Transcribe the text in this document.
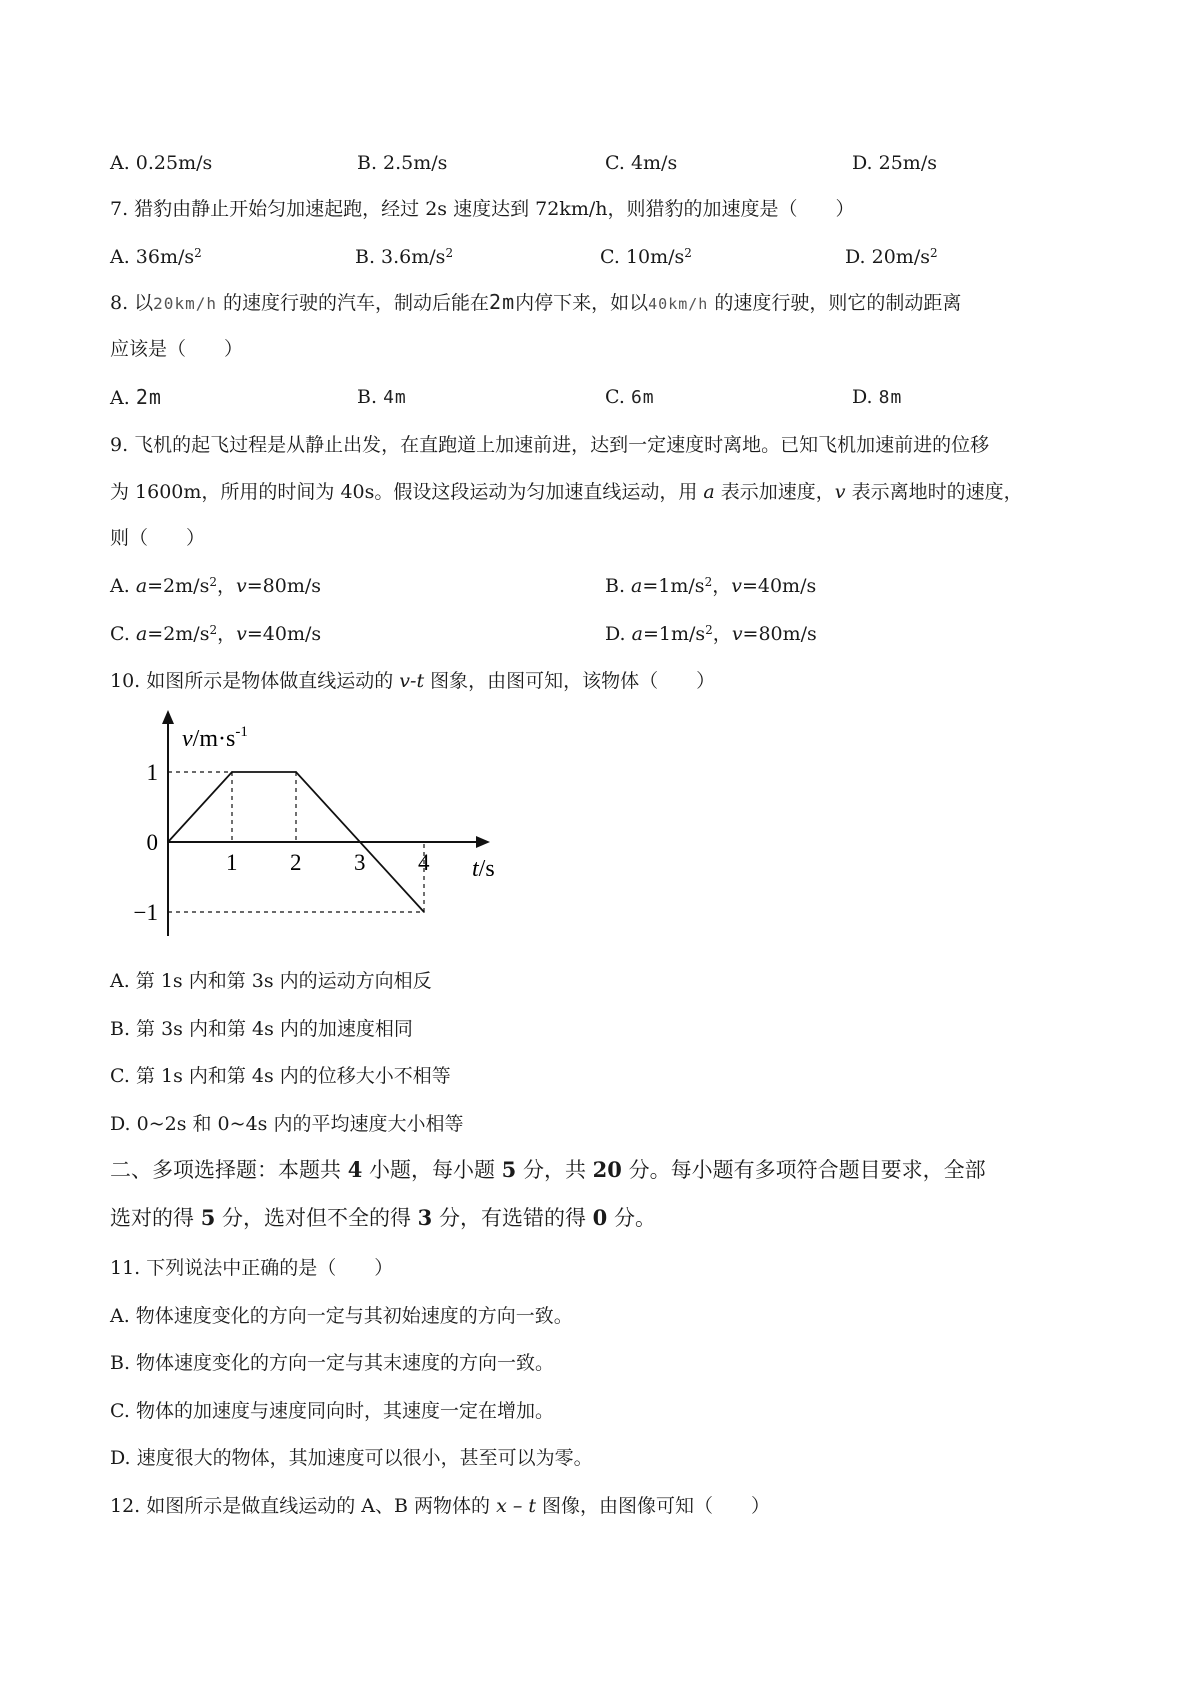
A. 0.25m/s	B. 2.5m/s	C. 4m/s	D. 25m/s
7. 猎豹由静止开始匀加速起跑，经过 2s 速度达到 72km/h，则猎豹的加速度是（　　）
A. $36m/s^2$	B. $3.6m/s^2$	C. $10m/s^2$	D. $20m/s^2$
8. 以20km/h 的速度行驶的汽车，制动后能在2m内停下来，如以40km/h 的速度行驶，则它的制动距离
应该是（　　）
A. 2m	B. 4m	C. 6m	D. 8m
9. 飞机的起飞过程是从静止出发，在直跑道上加速前进，达到一定速度时离地。已知飞机加速前进的位移
为 1600m，所用的时间为 40s。假设这段运动为匀加速直线运动，用 a 表示加速度，v 表示离地时的速度，
则（　　）
A. $a=2m/s^2$，v=80m/s	B. $a=1m/s^2$，v=40m/s
C. $a=2m/s^2$，v=40m/s	D. $a=1m/s^2$，v=80m/s
10. 如图所示是物体做直线运动的 v-t 图象，由图可知，该物体（　　）
$v/m\cdot s^{-1}$
t/s
1 2 3 4
1
0
−1
A. 第 1s 内和第 3s 内的运动方向相反
B. 第 3s 内和第 4s 内的加速度相同
C. 第 1s 内和第 4s 内的位移大小不相等
D. 0~2s 和 0~4s 内的平均速度大小相等
二、多项选择题：本题共 4 小题，每小题 5 分，共 20 分。每小题有多项符合题目要求，全部
选对的得 5 分，选对但不全的得 3 分，有选错的得 0 分。
11. 下列说法中正确的是（　　）
A. 物体速度变化的方向一定与其初始速度的方向一致。
B. 物体速度变化的方向一定与其末速度的方向一致。
C. 物体的加速度与速度同向时，其速度一定在增加。
D. 速度很大的物体，其加速度可以很小，甚至可以为零。
12. 如图所示是做直线运动的 A、B 两物体的 x – t 图像，由图像可知（　　）
